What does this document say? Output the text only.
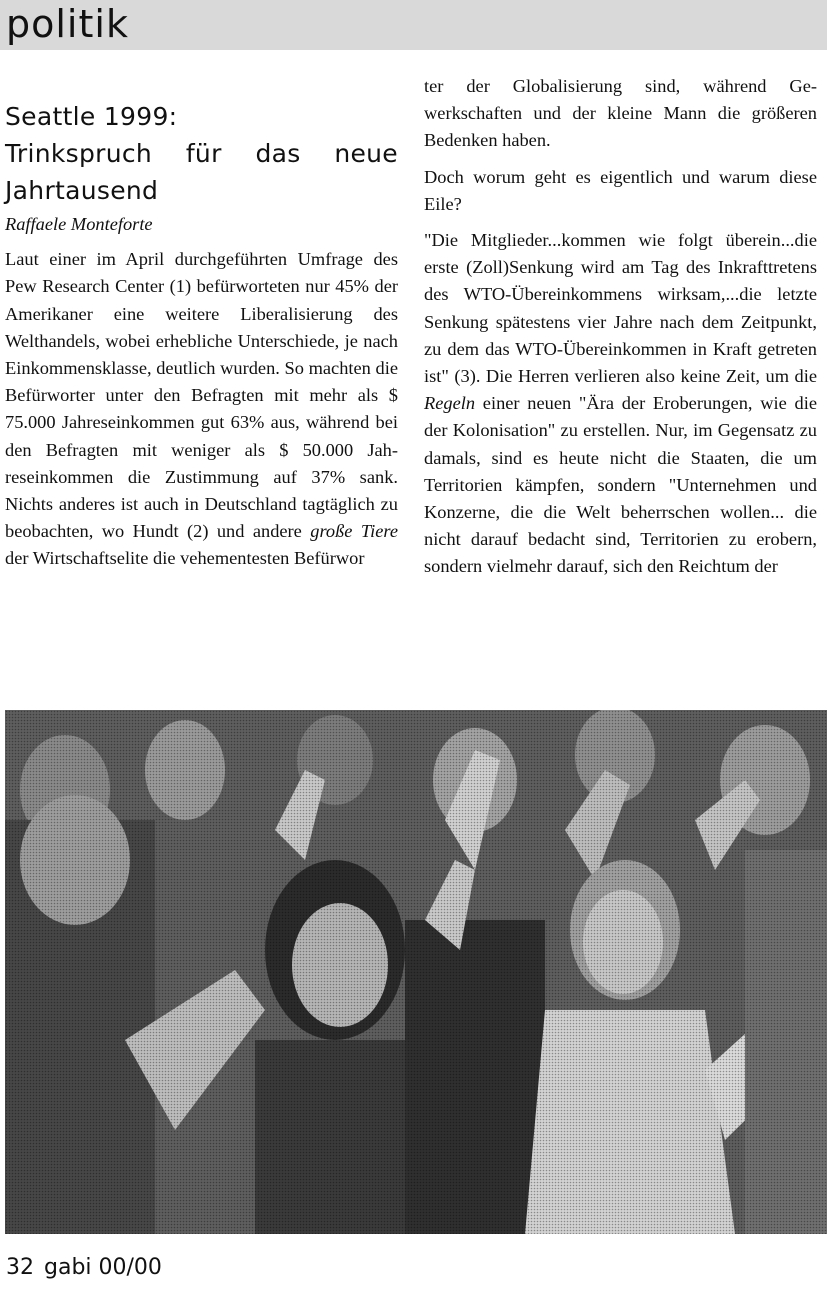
politik
Seattle 1999:

Trinkspruch für das neue
Jahrtausend
Raffaele Monteforte

Laut einer im April durchgeführten Umfrage des Pew Research Center (1) befürworteten nur 45% der Amerikaner eine weitere Liberalisierung des Welthandels, wobei erhebliche Unterschiede, je nach Einkommensklasse, deutlich wurden. So machten die Befürworter unter den Befragten mit mehr als $ 75.000 Jahreseinkommen gut 63% aus, während bei den Befragten mit weniger als $ 50.000 Jahreseinkommen die Zustimmung auf 37% sank. Nichts anderes ist auch in Deutschland tagtäglich zu beobachten, wo Hundt (2) und andere große Tiere der Wirtschaftselite die vehementesten Befürwor

ter der Globalisierung sind, während Gewerkschaften und der kleine Mann die größeren Bedenken haben.

Doch worum geht es eigentlich und warum diese Eile?

"Die Mitglieder...kommen wie folgt überein...die erste (Zoll)Senkung wird am Tag des Inkrafttretens des WTO-Übereinkommens wirksam,...die letzte Senkung spätestens vier Jahre nach dem Zeitpunkt, zu dem das WTO-Übereinkommen in Kraft getreten ist" (3). Die Herren verlieren also keine Zeit, um die Regeln einer neuen "Ära der Eroberungen, wie die der Kolonisation" zu erstellen. Nur, im Gegensatz zu damals, sind es heute nicht die Staaten, die um Territorien kämpfen, sondern "Unternehmen und Konzerne, die die Welt beherrschen wollen... die nicht darauf bedacht sind, Territorien zu erobern, sondern vielmehr darauf, sich den Reichtum der

32 gabi 00/00
